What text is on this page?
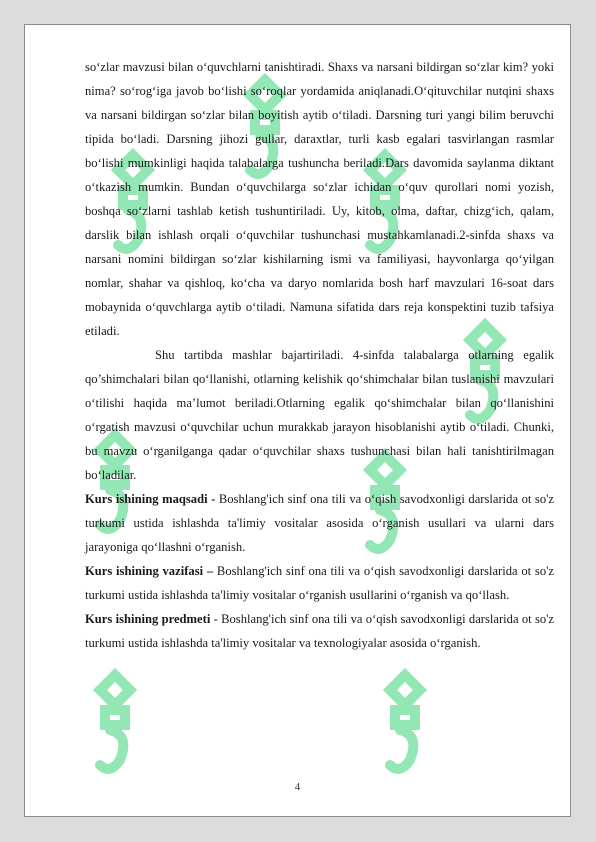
so‘zlar mavzusi bilan o‘quvchlarni tanishtiradi. Shaxs va narsani bildirgan so‘zlar kim? yoki nima? so‘rog‘iga javob bo‘lishi so‘roqlar yordamida aniqlanadi.O‘qituvchilar nutqini shaxs va narsani bildirgan so‘zlar bilan boyitish aytib o‘tiladi. Darsning turi yangi bilim beruvchi tipida bo‘ladi. Darsning jihozi gullar, daraxtlar, turli kasb egalari tasvirlangan rasmlar bo‘lishi mumkinligi haqida talabalarga tushuncha beriladi.Dars davomida saylanma diktant o‘tkazish mumkin. Bundan o‘quvchilarga so‘zlar ichidan o‘quv qurollari nomi yozish, boshqa so‘zlarni tashlab ketish tushuntiriladi. Uy, kitob, olma, daftar, chizg‘ich, qalam, darslik bilan ishlash orqali o‘quvchilar tushunchasi mustahkamlanadi.2-sinfda shaxs va narsani nomini bildirgan so‘zlar kishilarning ismi va familiyasi, hayvonlarga qo‘yilgan nomlar, shahar va qishloq, ko‘cha va daryo nomlarida bosh harf mavzulari 16-soat dars mobaynida o‘quvchlarga aytib o‘tiladi. Namuna sifatida dars reja konspektini tuzib tafsiya etiladi.

Shu tartibda mashlar bajartiriladi. 4-sinfda talabalarga otlarning egalik qo’shimchalari bilan qo‘llanishi, otlarning kelishik qo‘shimchalar bilan tuslanishi mavzulari o‘tilishi haqida ma’lumot beriladi.Otlarning egalik qo‘shimchalar bilan qo‘llanishini o‘rgatish mavzusi o‘quvchilar uchun murakkab jarayon hisoblanishi aytib o‘tiladi. Chunki, bu mavzu o‘rganilganga qadar o‘quvchilar shaxs tushunchasi bilan hali tanishtirilmagan bo‘ladilar.

Kurs ishining maqsadi - Boshlang'ich sinf ona tili va o‘qish savodxonligi darslarida ot so'z turkumi ustida ishlashda ta'limiy vositalar asosida o‘rganish usullari va ularni dars jarayoniga qo‘llashni o‘rganish.

Kurs ishining vazifasi – Boshlang'ich sinf ona tili va o‘qish savodxonligi darslarida ot so'z turkumi ustida ishlashda ta'limiy vositalar o‘rganish usullarini o‘rganish va qo‘llash.

Kurs ishining predmeti - Boshlang'ich sinf ona tili va o‘qish savodxonligi darslarida ot so'z turkumi ustida ishlashda ta'limiy vositalar va texnologiyalar asosida o‘rganish.

4
